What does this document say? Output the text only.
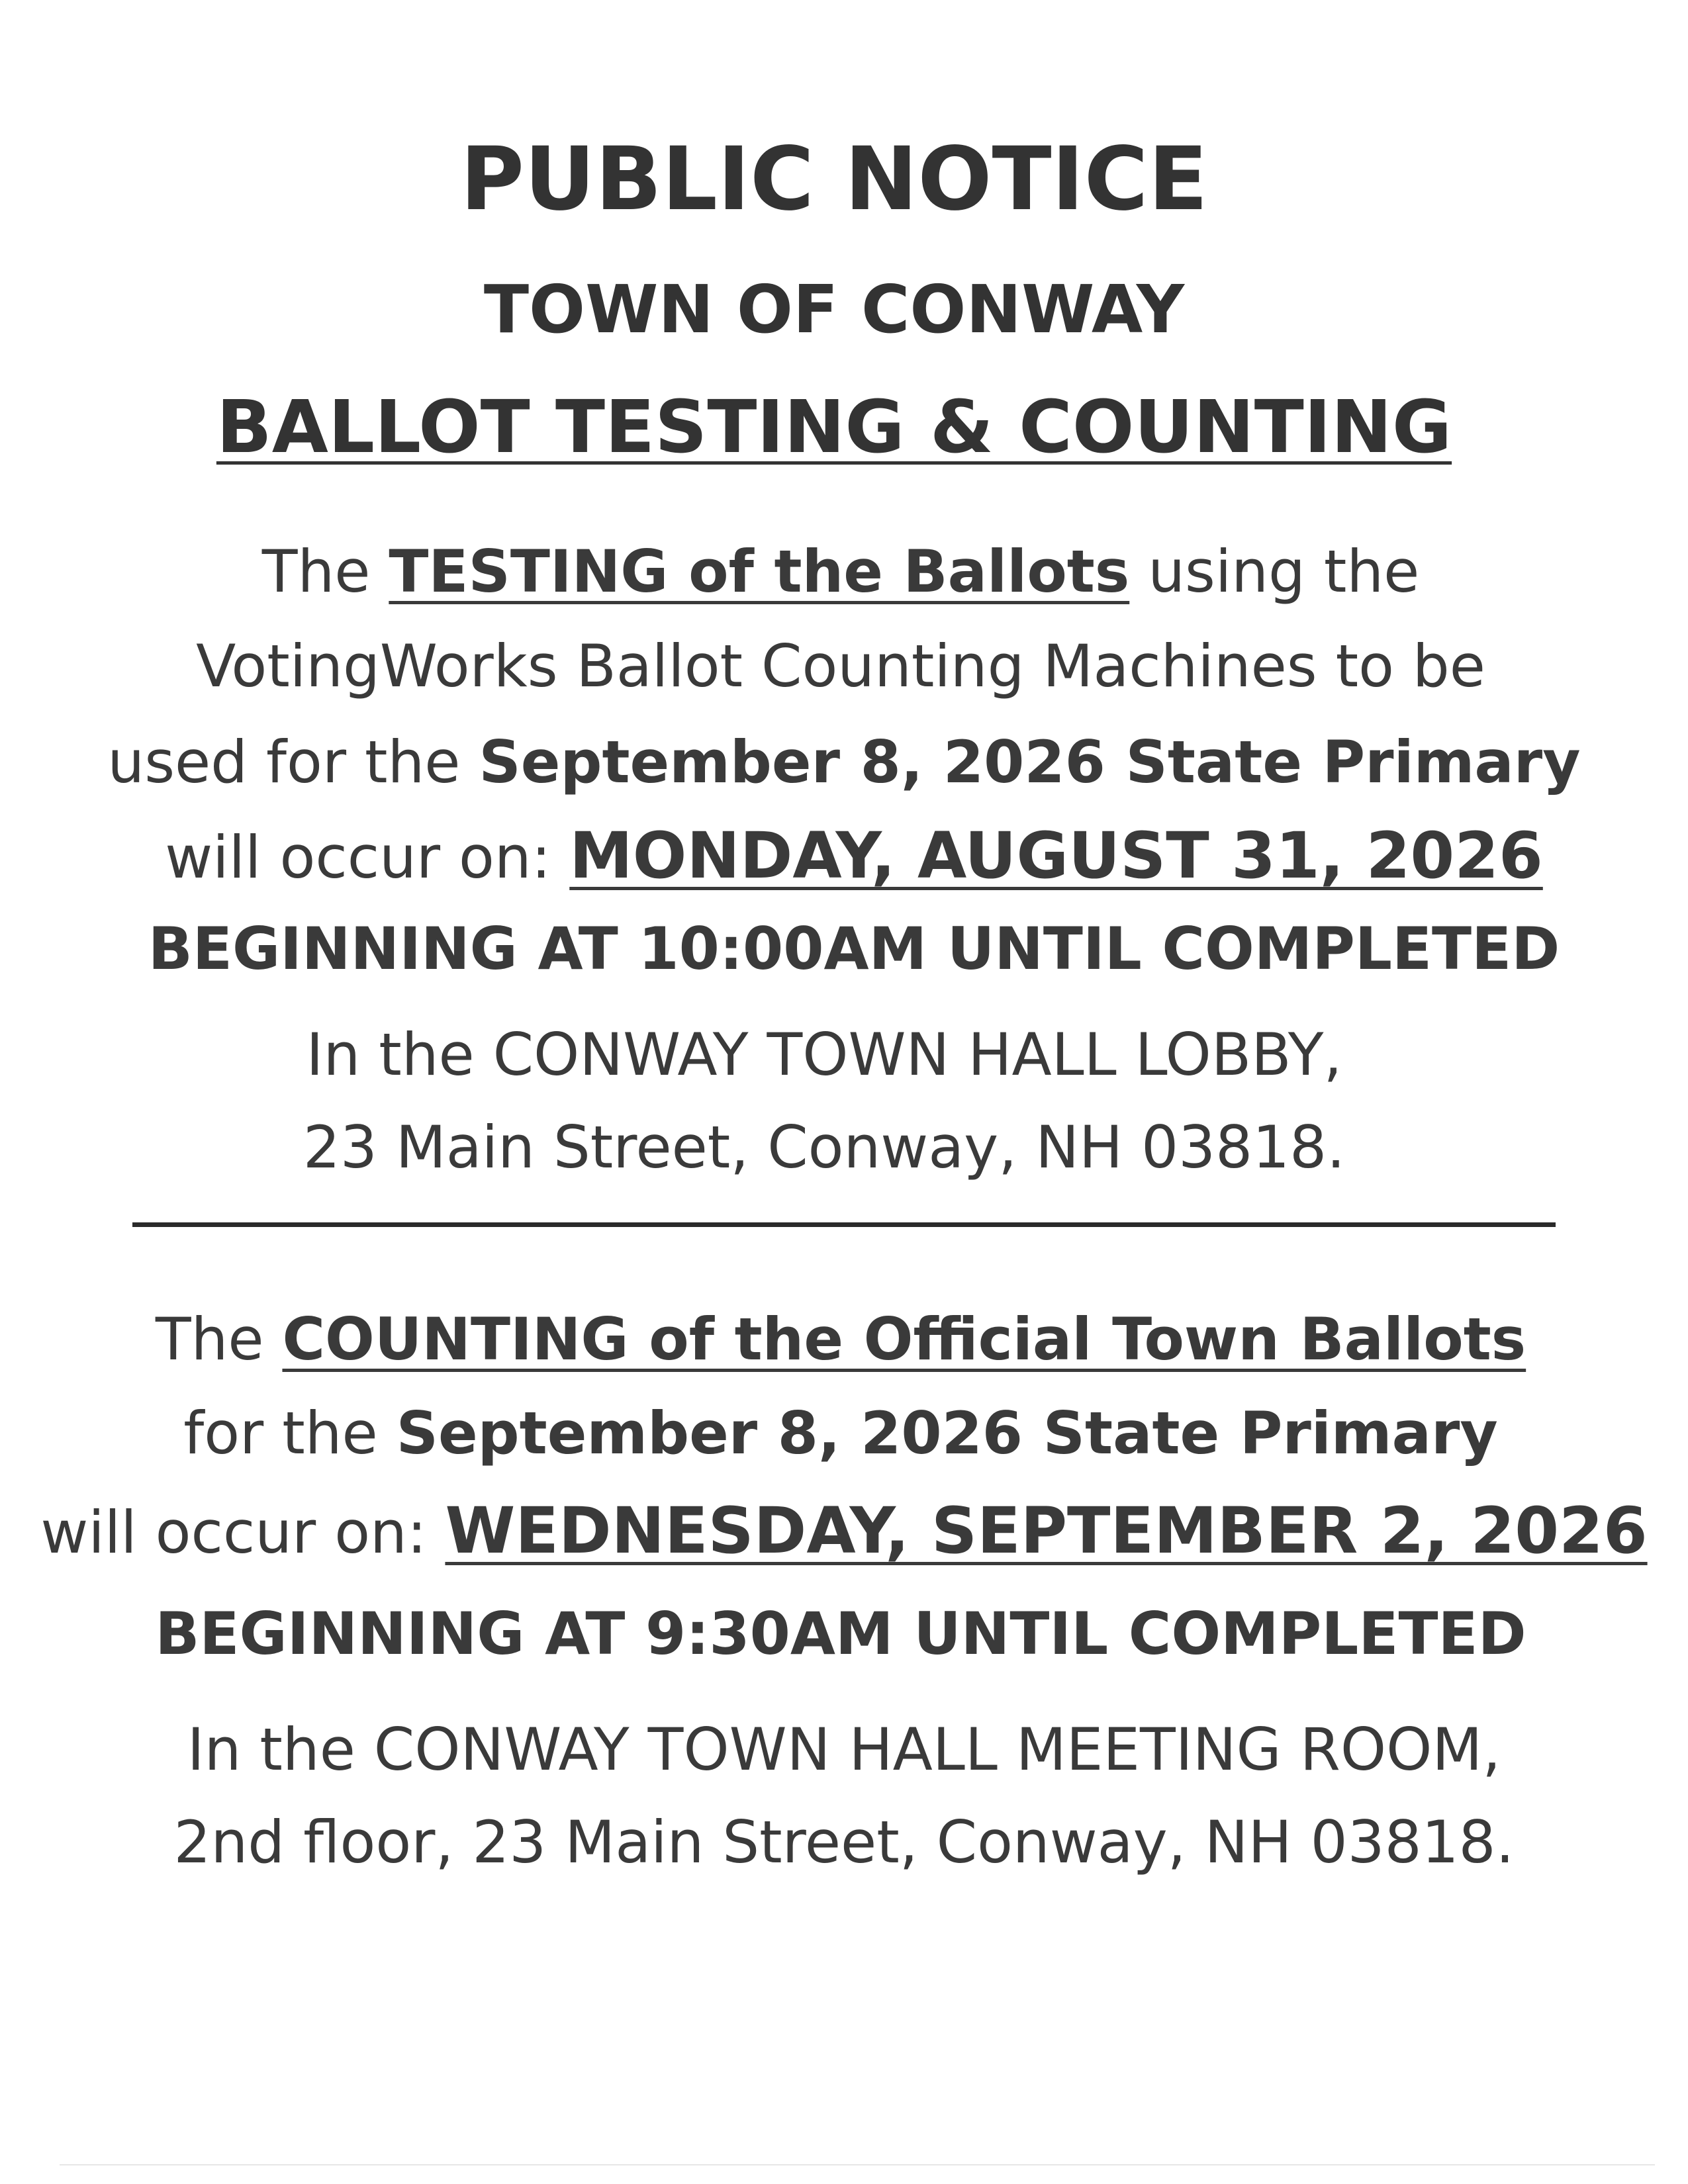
PUBLIC NOTICE
TOWN OF CONWAY
BALLOT TESTING & COUNTING
The TESTING of the Ballots using the
VotingWorks Ballot Counting Machines to be
used for the September 8, 2026 State Primary
will occur on: MONDAY, AUGUST 31, 2026
BEGINNING AT 10:00AM UNTIL COMPLETED
In the CONWAY TOWN HALL LOBBY,
23 Main Street, Conway, NH 03818.
The COUNTING of the Official Town Ballots
for the September 8, 2026 State Primary
will occur on: WEDNESDAY, SEPTEMBER 2, 2026
BEGINNING AT 9:30AM UNTIL COMPLETED
In the CONWAY TOWN HALL MEETING ROOM,
2nd floor, 23 Main Street, Conway, NH 03818.
